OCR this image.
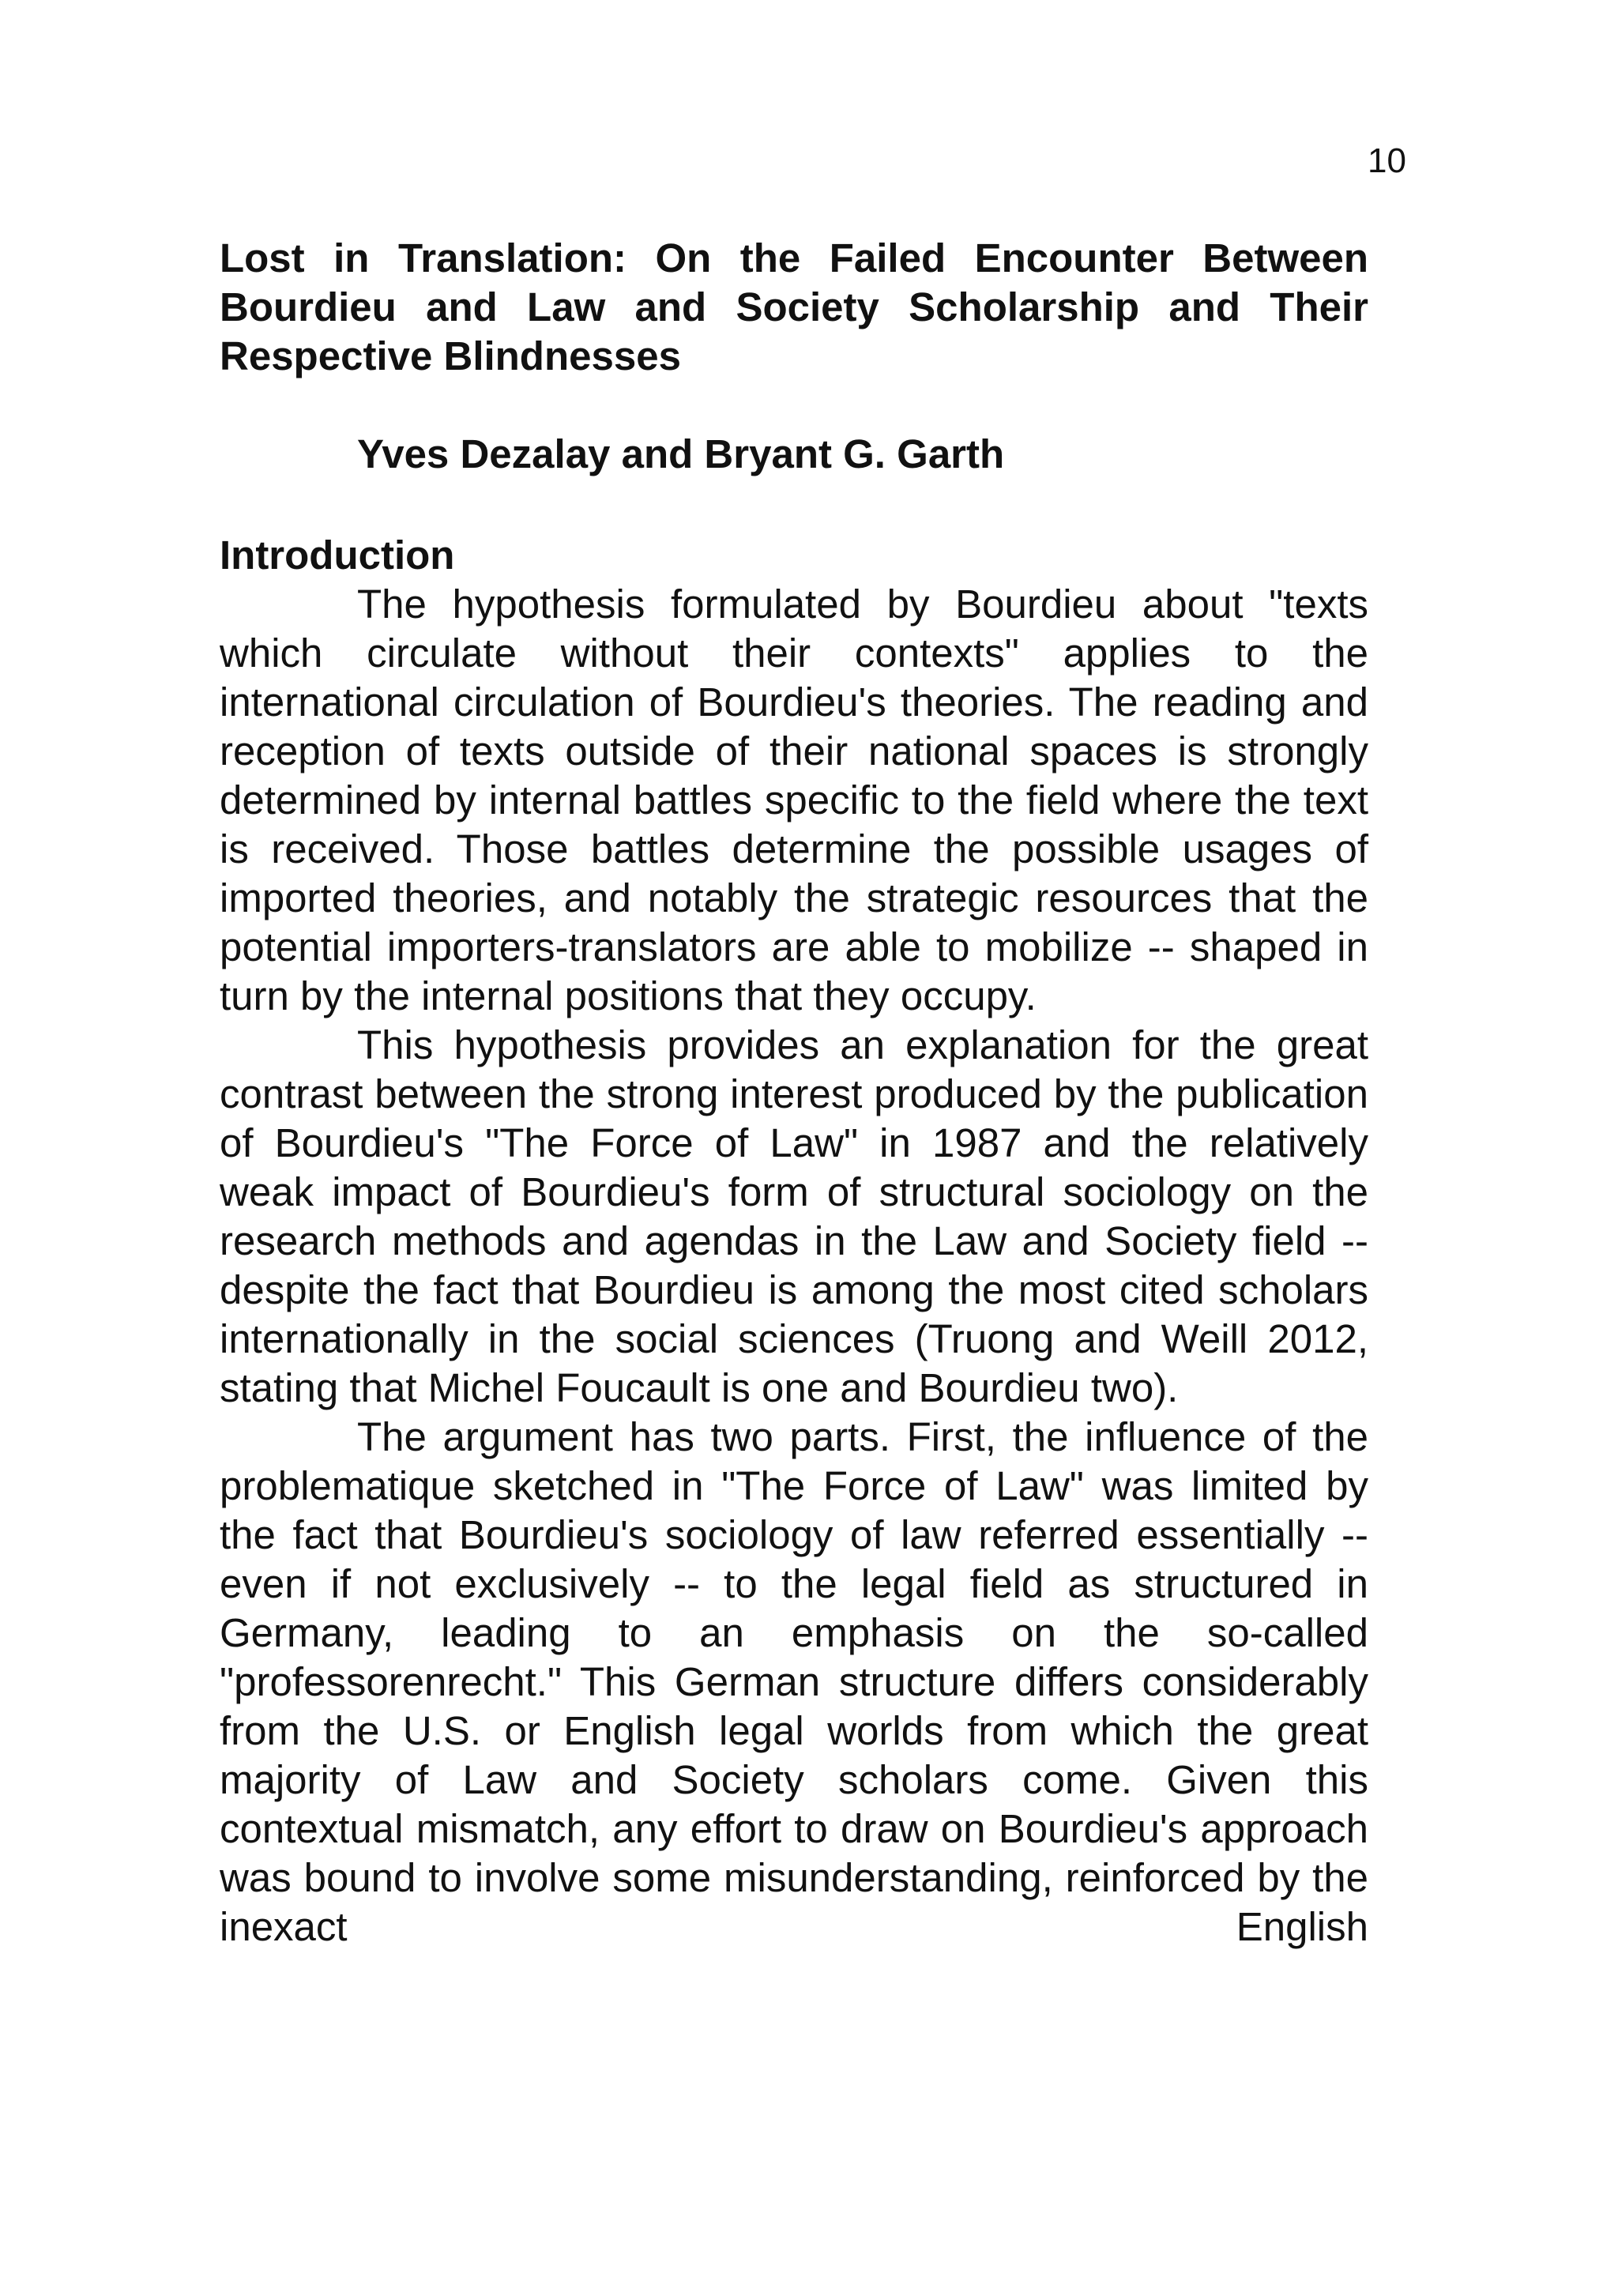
10
Lost in Translation: On the Failed Encounter Between Bourdieu and Law and Society Scholarship and Their Respective Blindnesses
Yves Dezalay and Bryant G. Garth
Introduction

The hypothesis formulated by Bourdieu about "texts which circulate without their contexts" applies to the international circulation of Bourdieu's theories. The reading and reception of texts outside of their national spaces is strongly determined by internal battles specific to the field where the text is received. Those battles determine the possible usages of imported theories, and notably the strategic resources that the potential importers-translators are able to mobilize -- shaped in turn by the internal positions that they occupy.

This hypothesis provides an explanation for the great contrast between the strong interest produced by the publication of Bourdieu's "The Force of Law" in 1987 and the relatively weak impact of Bourdieu's form of structural sociology on the research methods and agendas in the Law and Society field -- despite the fact that Bourdieu is among the most cited scholars internationally in the social sciences (Truong and Weill 2012, stating that Michel Foucault is one and Bourdieu two).

The argument has two parts. First, the influence of the problematique sketched in "The Force of Law" was limited by the fact that Bourdieu's sociology of law referred essentially -- even if not exclusively -- to the legal field as structured in Germany, leading to an emphasis on the so-called "professorenrecht." This German structure differs considerably from the U.S. or English legal worlds from which the great majority of Law and Society scholars come. Given this contextual mismatch, any effort to draw on Bourdieu's approach was bound to involve some misunderstanding, reinforced by the inexact English
